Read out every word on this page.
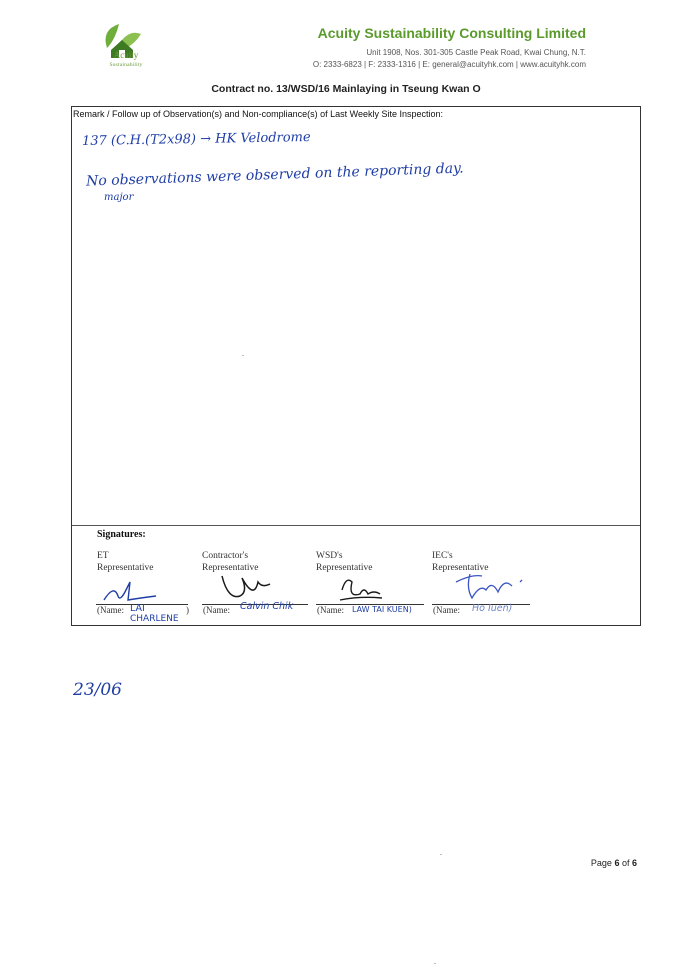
Acuity
Sustainability
Acuity Sustainability Consulting Limited
Unit 1908, Nos. 301-305 Castle Peak Road, Kwai Chung, N.T.
O: 2333-6823 | F: 2333-1316 | E: general@acuityhk.com | www.acuityhk.com
Contract no. 13/WSD/16 Mainlaying in Tseung Kwan O
Remark / Follow up of Observation(s) and Non-compliance(s) of Last Weekly Site Inspection:
137 (C.H.(T2x98) → HK Velodrome
No observations were observed on the reporting day.
major
Signatures:
ET
Representative
Contractor's
Representative
WSD's
Representative
IEC's
Representative
(Name:	)
LAI
CHARLENE
(Name: Calvin Chik	(Name: LAW TAI KUEN) (Name: Ho Iuen)
23/06
Page 6 of 6
